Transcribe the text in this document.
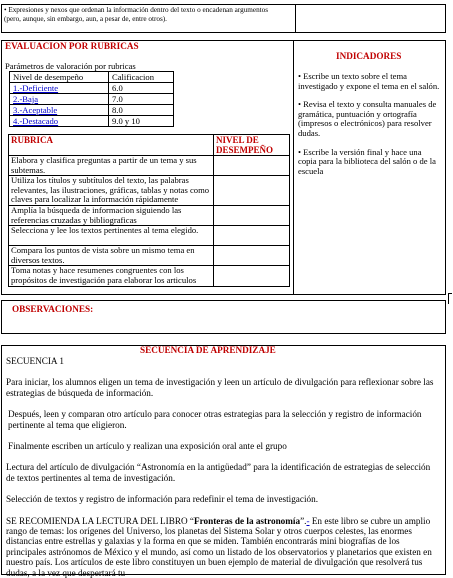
• Expresiones y nexos que ordenan la información dentro del texto o encadenan argumentos (pero, aunque, sin embargo, aun, a pesar de, entre otros).
EVALUACION POR RUBRICAS
Parámetros de valoración por rubricas
Nivel de desempeño	Calificacion
1.-Deficiente	6.0
2.-Baja	7.0
3.-Aceptable	8.0
4.-Destacado	9.0 y 10
RUBRICA	NIVEL DE DESEMPEÑO
Elabora y clasifica preguntas a partir de un tema y sus subtemas.	
Utiliza los títulos y subtítulos del texto, las palabras relevantes, las ilustraciones, gráficas, tablas y notas como claves para localizar la información rápidamente	
Amplía la búsqueda de informacion siguiendo las referencias cruzadas y bibliograficas	
Selecciona y lee los textos pertinentes al tema elegido.	
Compara los puntos de vista sobre un mismo tema en diversos textos.	
Toma notas y hace resumenes congruentes con los propósitos de investigación para elaborar los articulos	
INDICADORES

• Escribe un texto sobre el tema investigado y expone el tema en el salón.

• Revisa el texto y consulta manuales de gramática, puntuación y ortografía (impresos o electrónicos) para resolver dudas.

• Escribe la versión final y hace una copia para la biblioteca del salón o de la escuela

OBSERVACIONES:
SECUENCIA DE APRENDIZAJE

SECUENCIA 1

Para iniciar, los alumnos eligen un tema de investigación y leen un artículo de divulgación para reflexionar sobre las estrategias de búsqueda de información.

Después, leen y comparan otro artículo para conocer otras estrategias para la selección y registro de información pertinente al tema que eligieron.

Finalmente escriben un artículo y realizan una exposición oral ante el grupo

Lectura del artículo de divulgación “Astronomía en la antigüedad” para la identificación de estrategias de selección de textos pertinentes al tema de investigación.

Selección de textos y registro de información para redefinir el tema de investigación.

SE RECOMIENDA LA LECTURA DEL LIBRO “Fronteras de la astronomía”.- En este libro se cubre un amplio rango de temas: los orígenes del Universo, los planetas del Sistema Solar y otros cuerpos celestes, las enormes distancias entre estrellas y galaxias y la forma en que se miden. También encontrarás mini biografías de los principales astrónomos de México y el mundo, así como un listado de los observatorios y planetarios que existen en nuestro país. Los artículos de este libro constituyen un buen ejemplo de material de divulgación que resolverá tus dudas, a la vez que despertará tu
